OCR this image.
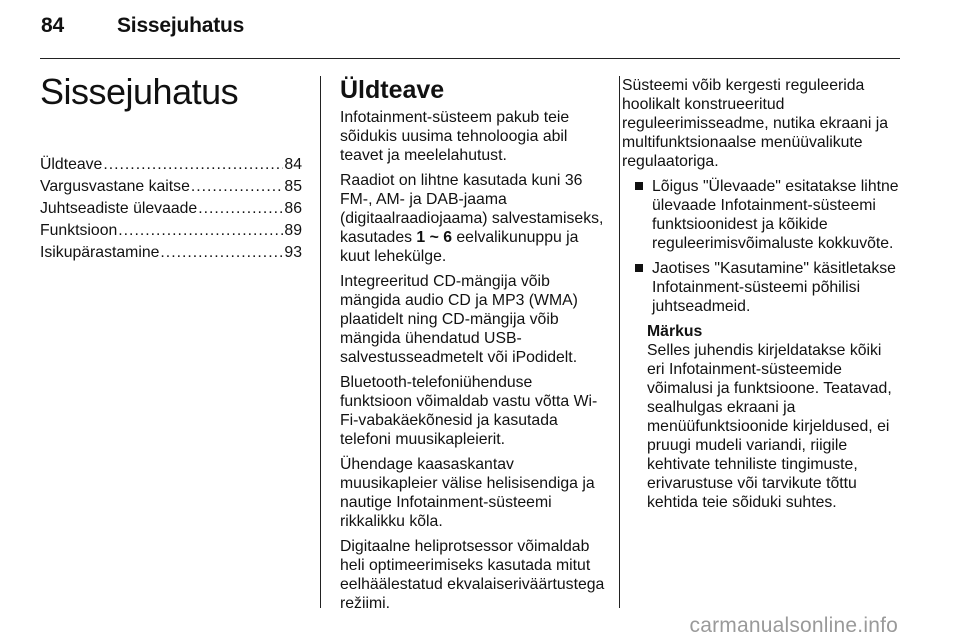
84	Sissejuhatus
Sissejuhatus
Üldteave .....	84
Vargusvastane kaitse .....	85
Juhtseadiste ülevaade .....	86
Funktsioon .....	89
Isikupärastamine .....	93
Üldteave

Infotainment-süsteem pakub teie sõidukis uusima tehnoloogia abil teavet ja meelelahutust.

Raadiot on lihtne kasutada kuni 36 FM-, AM- ja DAB-jaama (digitaalraadiojaama) salvestamiseks, kasutades 1 ~ 6 eelvalikunuppu ja kuut lehekülge.

Integreeritud CD-mängija võib mängida audio CD ja MP3 (WMA) plaatidelt ning CD-mängija võib mängida ühendatud USB-salvestusseadmetelt või iPodidelt.

Bluetooth-telefoniühenduse funktsioon võimaldab vastu võtta Wi-Fi-vabakäekõnesid ja kasutada telefoni muusikapleierit.

Ühendage kaasaskantav muusikapleier välise helisisendiga ja nautige Infotainment-süsteemi rikkalikku kõla.

Digitaalne heliprotsessor võimaldab heli optimeerimiseks kasutada mitut eelhäälestatud ekvalaiseriväärtustega režiimi.

Süsteemi võib kergesti reguleerida hoolikalt konstrueeritud reguleerimisseadme, nutika ekraani ja multifunktsionaalse menüüvalikute regulaatoriga.

Lõigus "Ülevaade" esitatakse lihtne ülevaade Infotainment-süsteemi funktsioonidest ja kõikide reguleerimisvõimaluste kokkuvõte.
Jaotises "Kasutamine" käsitletakse Infotainment-süsteemi põhilisi juhtseadmeid.
Märkus
Selles juhendis kirjeldatakse kõiki eri Infotainment-süsteemide võimalusi ja funktsioone. Teatavad, sealhulgas ekraani ja menüüfunktsioonide kirjeldused, ei pruugi mudeli variandi, riigile kehtivate tehniliste tingimuste, erivarustuse või tarvikute tõttu kehtida teie sõiduki suhtes.
carmanualsonline.info
